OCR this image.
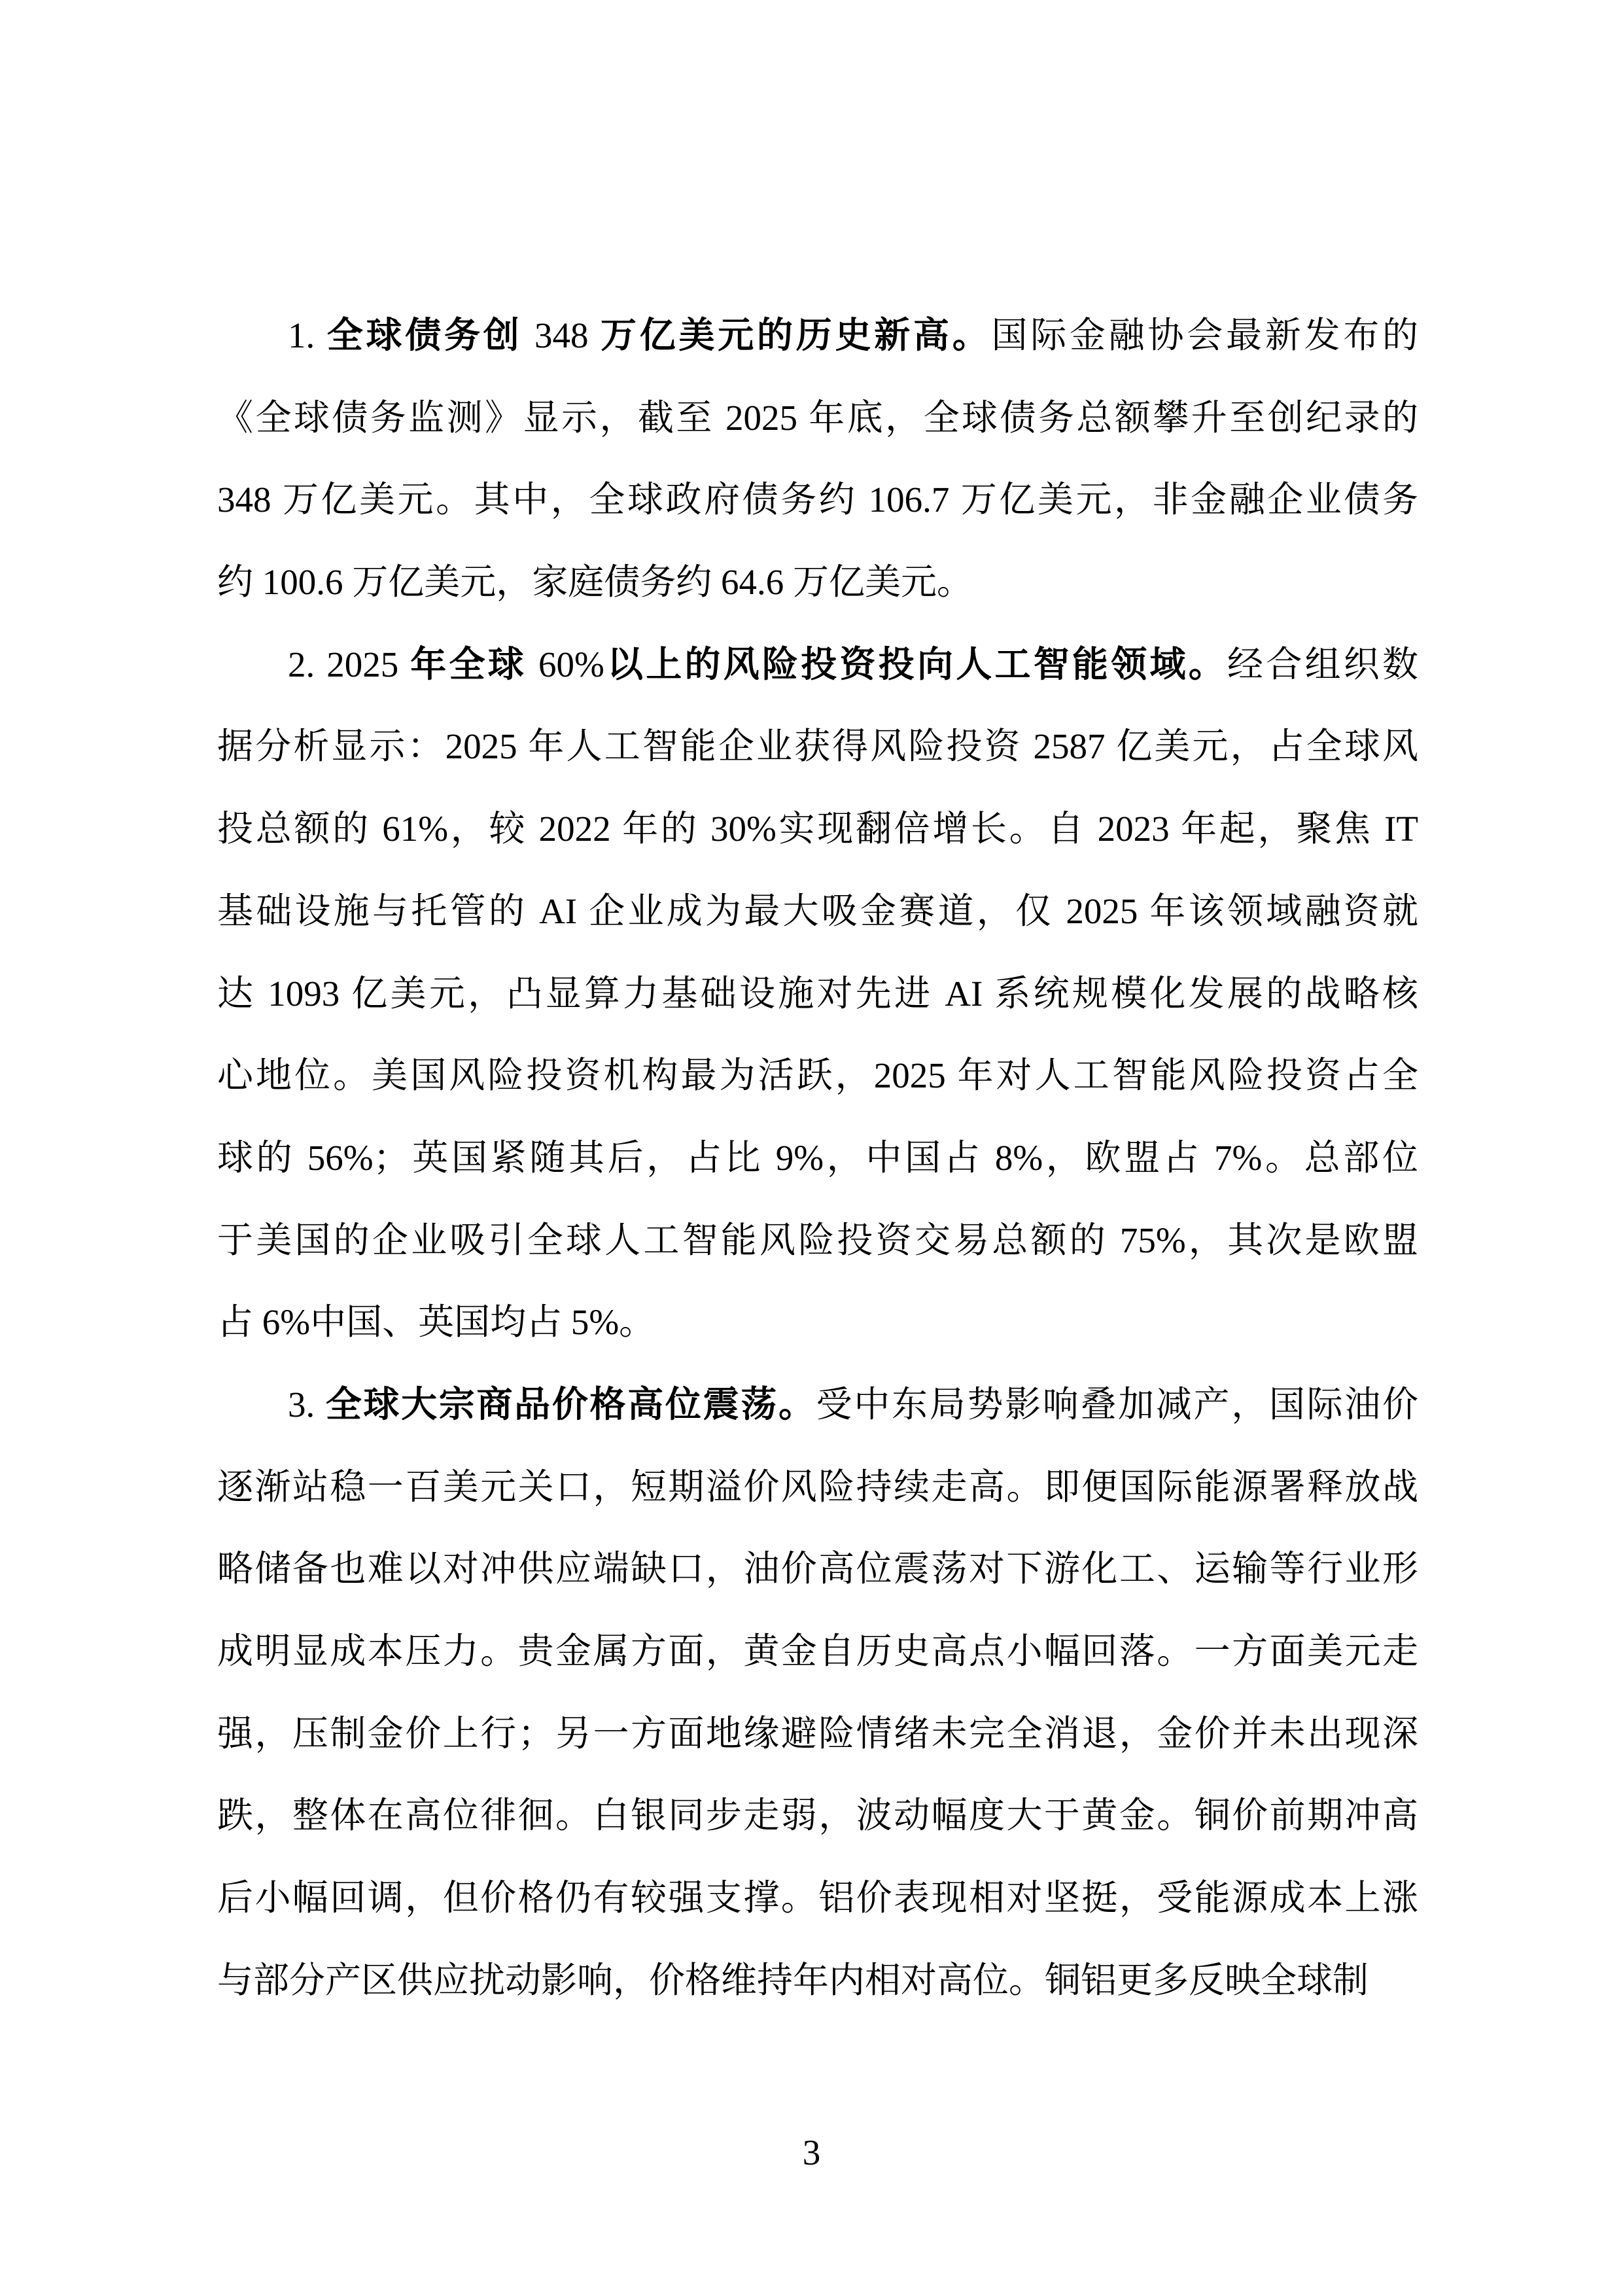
1. 全球债务创 348 万亿美元的历史新高。国际金融协会最新发布的
《全球债务监测》显示，截至 2025 年底，全球债务总额攀升至创纪录的
348 万亿美元。其中，全球政府债务约 106.7 万亿美元，非金融企业债务
约 100.6 万亿美元，家庭债务约 64.6 万亿美元。
2. 2025 年全球 60%以上的风险投资投向人工智能领域。经合组织数
据分析显示：2025 年人工智能企业获得风险投资 2587 亿美元，占全球风
投总额的 61%，较 2022 年的 30%实现翻倍增长。自 2023 年起，聚焦 IT
基础设施与托管的 AI 企业成为最大吸金赛道，仅 2025 年该领域融资就
达 1093 亿美元，凸显算力基础设施对先进 AI 系统规模化发展的战略核
心地位。美国风险投资机构最为活跃，2025 年对人工智能风险投资占全
球的 56%；英国紧随其后，占比 9%，中国占 8%，欧盟占 7%。总部位
于美国的企业吸引全球人工智能风险投资交易总额的 75%，其次是欧盟
占 6%中国、英国均占 5%。
3. 全球大宗商品价格高位震荡。受中东局势影响叠加减产，国际油价
逐渐站稳一百美元关口，短期溢价风险持续走高。即便国际能源署释放战
略储备也难以对冲供应端缺口，油价高位震荡对下游化工、运输等行业形
成明显成本压力。贵金属方面，黄金自历史高点小幅回落。一方面美元走
强，压制金价上行；另一方面地缘避险情绪未完全消退，金价并未出现深
跌，整体在高位徘徊。白银同步走弱，波动幅度大于黄金。铜价前期冲高
后小幅回调，但价格仍有较强支撑。铝价表现相对坚挺，受能源成本上涨
与部分产区供应扰动影响，价格维持年内相对高位。铜铝更多反映全球制
3
